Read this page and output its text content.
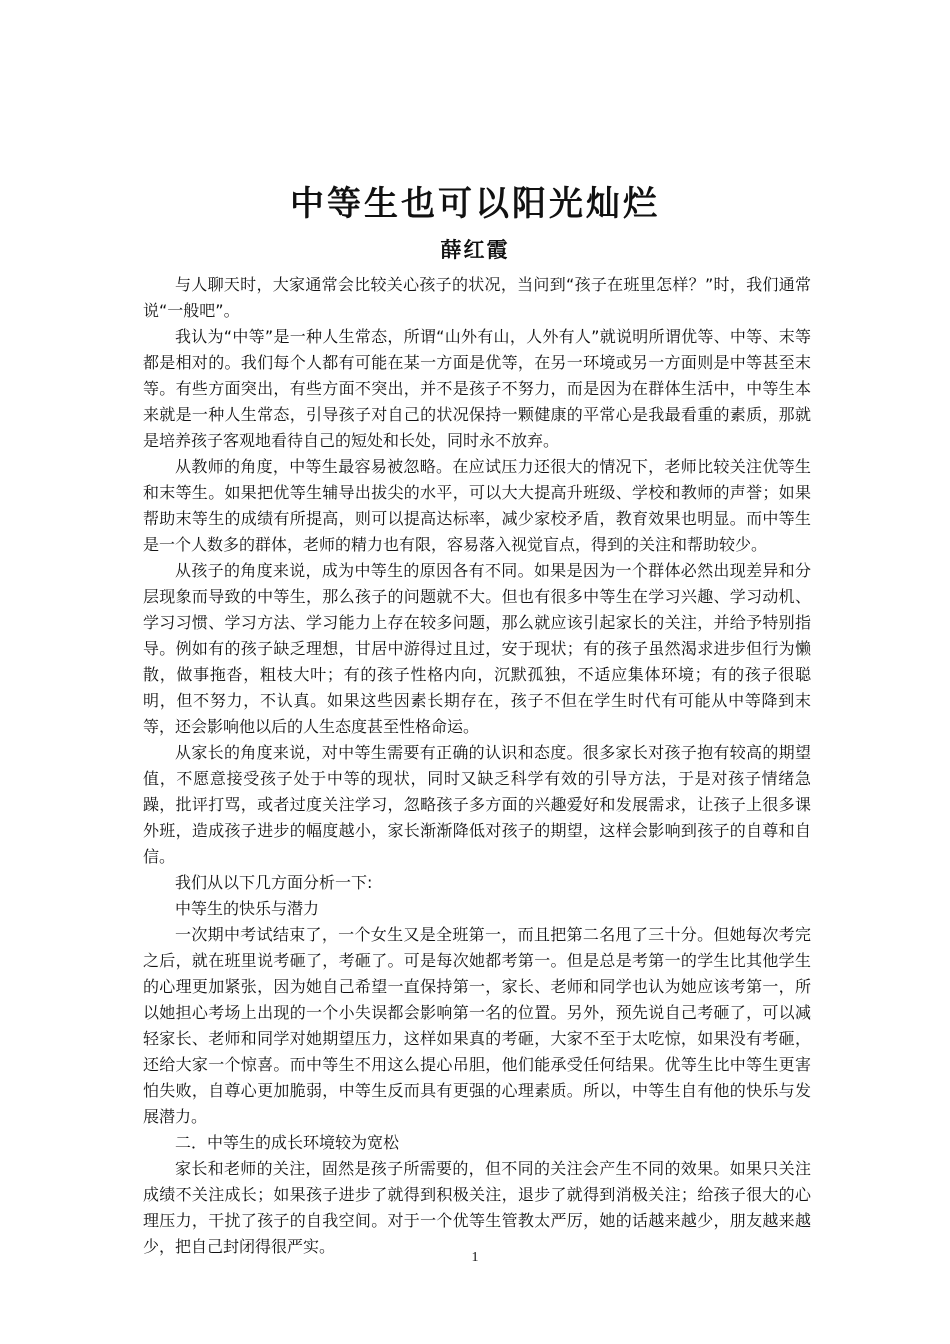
中等生也可以阳光灿烂
薛红霞

与人聊天时，大家通常会比较关心孩子的状况，当问到“孩子在班里怎样？”时，我们通常说“一般吧”。

我认为“中等”是一种人生常态，所谓“山外有山，人外有人”就说明所谓优等、中等、末等都是相对的。我们每个人都有可能在某一方面是优等，在另一环境或另一方面则是中等甚至末等。有些方面突出，有些方面不突出，并不是孩子不努力，而是因为在群体生活中，中等生本来就是一种人生常态，引导孩子对自己的状况保持一颗健康的平常心是我最看重的素质，那就是培养孩子客观地看待自己的短处和长处，同时永不放弃。

从教师的角度，中等生最容易被忽略。在应试压力还很大的情况下，老师比较关注优等生和末等生。如果把优等生辅导出拔尖的水平，可以大大提高升班级、学校和教师的声誉；如果帮助末等生的成绩有所提高，则可以提高达标率，减少家校矛盾，教育效果也明显。而中等生是一个人数多的群体，老师的精力也有限，容易落入视觉盲点，得到的关注和帮助较少。

从孩子的角度来说，成为中等生的原因各有不同。如果是因为一个群体必然出现差异和分层现象而导致的中等生，那么孩子的问题就不大。但也有很多中等生在学习兴趣、学习动机、学习习惯、学习方法、学习能力上存在较多问题，那么就应该引起家长的关注，并给予特别指导。例如有的孩子缺乏理想，甘居中游得过且过，安于现状；有的孩子虽然渴求进步但行为懒散，做事拖沓，粗枝大叶；有的孩子性格内向，沉默孤独，不适应集体环境；有的孩子很聪明，但不努力，不认真。如果这些因素长期存在，孩子不但在学生时代有可能从中等降到末等，还会影响他以后的人生态度甚至性格命运。

从家长的角度来说，对中等生需要有正确的认识和态度。很多家长对孩子抱有较高的期望值，不愿意接受孩子处于中等的现状，同时又缺乏科学有效的引导方法，于是对孩子情绪急躁，批评打骂，或者过度关注学习，忽略孩子多方面的兴趣爱好和发展需求，让孩子上很多课外班，造成孩子进步的幅度越小，家长渐渐降低对孩子的期望，这样会影响到孩子的自尊和自信。

我们从以下几方面分析一下:

中等生的快乐与潜力

一次期中考试结束了，一个女生又是全班第一，而且把第二名甩了三十分。但她每次考完之后，就在班里说考砸了，考砸了。可是每次她都考第一。但是总是考第一的学生比其他学生的心理更加紧张，因为她自己希望一直保持第一，家长、老师和同学也认为她应该考第一，所以她担心考场上出现的一个小失误都会影响第一名的位置。另外，预先说自己考砸了，可以减轻家长、老师和同学对她期望压力，这样如果真的考砸，大家不至于太吃惊，如果没有考砸，还给大家一个惊喜。而中等生不用这么提心吊胆，他们能承受任何结果。优等生比中等生更害怕失败，自尊心更加脆弱，中等生反而具有更强的心理素质。所以，中等生自有他的快乐与发展潜力。

二．中等生的成长环境较为宽松

家长和老师的关注，固然是孩子所需要的，但不同的关注会产生不同的效果。如果只关注成绩不关注成长；如果孩子进步了就得到积极关注，退步了就得到消极关注；给孩子很大的心理压力，干扰了孩子的自我空间。对于一个优等生管教太严厉，她的话越来越少，朋友越来越少，把自己封闭得很严实。

1
